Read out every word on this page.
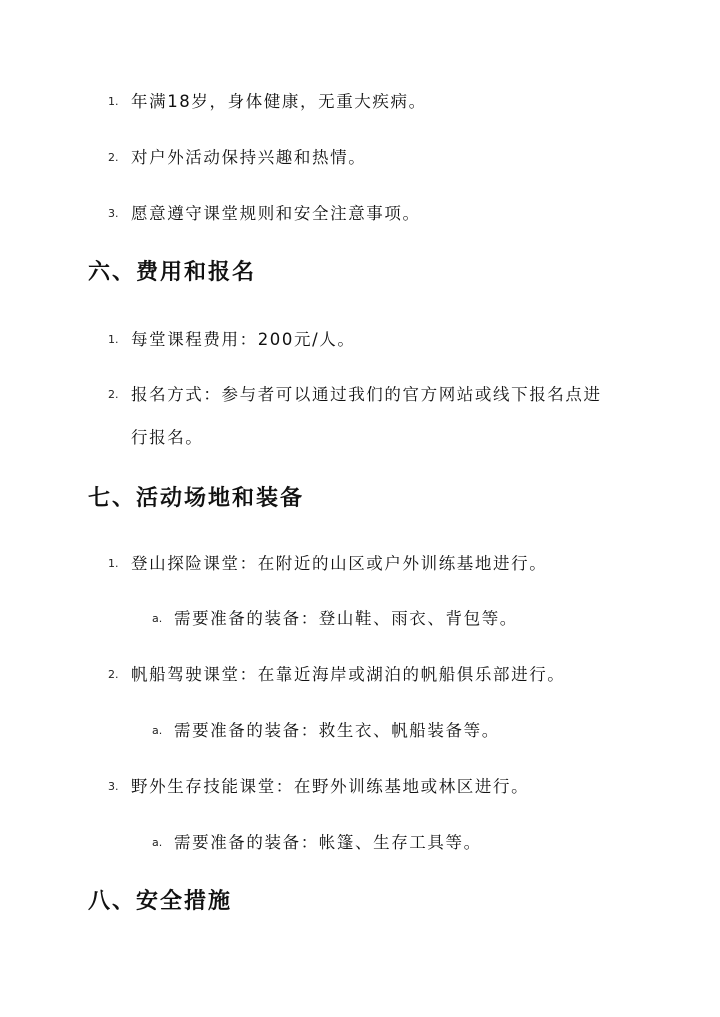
1. 年满18岁，身体健康，无重大疾病。
2. 对户外活动保持兴趣和热情。
3. 愿意遵守课堂规则和安全注意事项。
六、费用和报名
1. 每堂课程费用：200元/人。
2. 报名方式：参与者可以通过我们的官方网站或线下报名点进
行报名。
七、活动场地和装备
1. 登山探险课堂：在附近的山区或户外训练基地进行。
a. 需要准备的装备：登山鞋、雨衣、背包等。
2. 帆船驾驶课堂：在靠近海岸或湖泊的帆船俱乐部进行。
a. 需要准备的装备：救生衣、帆船装备等。
3. 野外生存技能课堂：在野外训练基地或林区进行。
a. 需要准备的装备：帐篷、生存工具等。
八、安全措施
